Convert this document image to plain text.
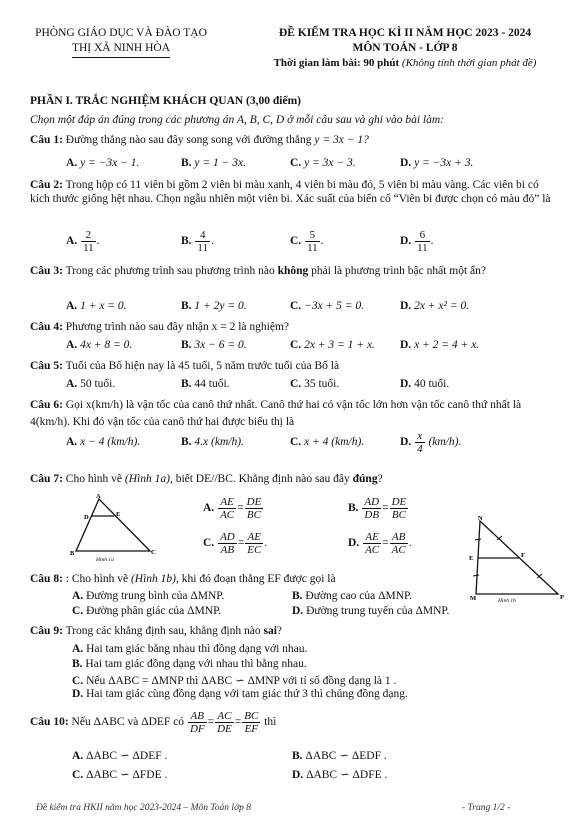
PHÒNG GIÁO DỤC VÀ ĐÀO TẠO
THỊ XÃ NINH HÒA
ĐỀ KIỂM TRA HỌC KÌ II NĂM HỌC 2023 - 2024
MÔN TOÁN - LỚP 8
Thời gian làm bài: 90 phút (Không tính thời gian phát đề)
PHẦN I. TRẮC NGHIỆM KHÁCH QUAN (3,00 điểm)
Chọn một đáp án đúng trong các phương án A, B, C, D ở mỗi câu sau và ghi vào bài làm:
Câu 1: Đường thẳng nào sau đây song song với đường thẳng y = 3x − 1?
A. y = −3x − 1.	B. y = 1 − 3x.	C. y = 3x − 3.	D. y = −3x + 3.
Câu 2: Trong hộp có 11 viên bi gồm 2 viên bi màu xanh, 4 viên bi màu đỏ, 5 viên bi màu vàng. Các viên bi có kích thước giống hệt nhau. Chọn ngẫu nhiên một viên bi. Xác suất của biến cố “Viên bi được chọn có màu đỏ” là
A. $\frac{2}{11}$ .	B. $\frac{4}{11}$ .	C. $\frac{5}{11}$ .	D. $\frac{6}{11}$ .
Câu 3: Trong các phương trình sau phương trình nào không phải là phương trình bậc nhất một ẩn?
A. 1 + x = 0.	B. 1 + 2y = 0.	C. −3x + 5 = 0.	D. 2x + x² = 0.
Câu 4: Phương trình nào sau đây nhận x = 2 là nghiệm?
A. 4x + 8 = 0.	B. 3x − 6 = 0.	C. 2x + 3 = 1 + x. D. x + 2 = 4 + x.
Câu 5: Tuổi của Bố hiện nay là 45 tuổi, 5 năm trước tuổi của Bố là
A. 50 tuổi.	B. 44 tuổi.	C. 35 tuổi.	D. 40 tuổi.
Câu 6: Gọi x(km/h) là vận tốc của canô thứ nhất. Canô thứ hai có vận tốc lớn hơn vận tốc canô thứ nhất là 4(km/h). Khi đó vận tốc của canô thứ hai được biểu thị là
A. x − 4 (km/h).	B. 4.x (km/h).	C. x + 4 (km/h).	D. $\frac{x}{4} (km/h)$.
Câu 7: Cho hình vẽ (Hình 1a), biết DE//BC. Khẳng định nào sau đây đúng?
A
D	E
B	C
Hình 1a
A. $\frac{AE}{AC} = \frac{DE}{BC}$	B. $\frac{AD}{DB} = \frac{DE}{BC}$
C. $\frac{AD}{AB} = \frac{AE}{EC}$ .	D. $\frac{AE}{AC} = \frac{AB}{AC}$ .
N
E	F
M	P
Hình 1b
Câu 8: : Cho hình vẽ (Hình 1b), khi đó đoạn thẳng EF được gọi là
A. Đường trung bình của ΔMNP.	B. Đường cao của ΔMNP.
C. Đường phân giác của ΔMNP.	D. Đường trung tuyến của ΔMNP.
Câu 9: Trong các khẳng định sau, khẳng định nào sai?
A. Hai tam giác bằng nhau thì đồng dạng với nhau.
B. Hai tam giác đồng dạng với nhau thì bằng nhau.
C. Nếu ΔABC = ΔMNP thì ΔABC ∽ ΔMNP với tỉ số đồng dạng là 1 .
D. Hai tam giác cùng đồng dạng với tam giác thứ 3 thì chúng đồng dạng.
Câu 10: Nếu ΔABC và ΔDEF có $\frac{AB}{DF} = \frac{AC}{DE} = \frac{BC}{EF}$ thì
A. ΔABC ∽ ΔDEF .	B. ΔABC ∽ ΔEDF .
C. ΔABC ∽ ΔFDE .	D. ΔABC ∽ ΔDFE .
Đề kiểm tra HKII năm học 2023-2024 – Môn Toán lớp 8	- Trang 1/2 -
